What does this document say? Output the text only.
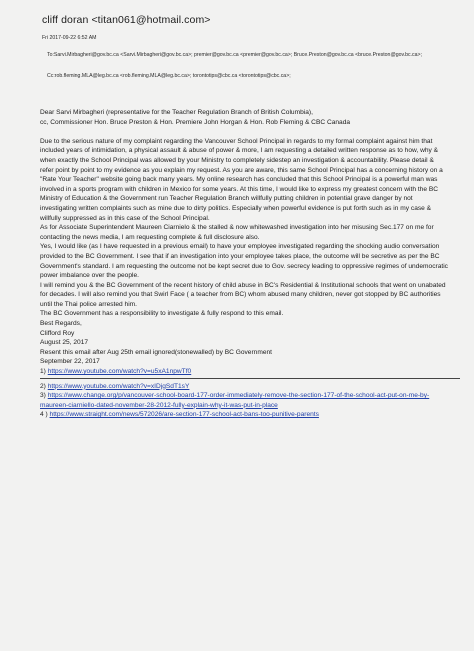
cliff doran <titan061@hotmail.com>
Fri 2017-09-22 6:52 AM
To:Sarvi.Mirbagheri@gov.bc.ca <Sarvi.Mirbagheri@gov.bc.ca>; premier@gov.bc.ca <premier@gov.bc.ca>; Bruce.Preston@gov.bc.ca <bruce.Preston@gov.bc.ca>;
Cc:rob.fleming.MLA@leg.bc.ca <rob.fleming.MLA@leg.bc.ca>; torontotips@cbc.ca <torontotips@cbc.ca>;

Dear Sarvi Mirbagheri (representative for the Teacher Regulation Branch of British Columbia),

cc, Commissioner Hon. Bruce Preston & Hon. Premiere John Horgan & Hon. Rob Fleming & CBC Canada

Due to the serious nature of my complaint regarding the Vancouver School Principal in regards to my formal complaint against him that included years of intimidation, a physical assault & abuse of power & more, I am requesting a detailed written response as to how, why & when exactly the School Principal was allowed by your Ministry to completely sidestep an investigation & accountability. Please detail & refer point by point to my evidence as you explain my request. As you are aware, this same School Principal has a concerning history on a "Rate Your Teacher" website going back many years. My online research has concluded that this School Principal is a powerful man was involved in a sports program with children in Mexico for some years. At this time, I would like to express my greatest concern with the BC Ministry of Education & the Government run Teacher Regulation Branch willfully putting children in potential grave danger by not investigating written complaints such as mine due to dirty politics. Especially when powerful evidence is put forth such as in my case & willfully suppressed as in this case of the School Principal.

As for Associate Superintendent Maureen Ciarnielo & the stalled & now whitewashed investigation into her misusing Sec.177 on me for contacting the news media, I am requesting complete & full disclosure also.

Yes, I would like (as I have requested in a previous email) to have your employee investigated regarding the shocking audio conversation provided to the BC Government. I see that if an investigation into your employee takes place, the outcome will be secretive as per the BC Government's standard. I am requesting the outcome not be kept secret due to Gov. secrecy leading to oppressive regimes of undemocratic power imbalance over the people.

I will remind you & the BC Government of the recent history of child abuse in BC's Residential & Institutional schools that went on unabated for decades. I will also remind you that Swirl Face ( a teacher from BC) whom abused many children, never got stopped by BC authorities until the Thai police arrested him.

The BC Government has a responsibility to investigate & fully respond to this email.

Best Regards,

Clifford Roy

August 25, 2017

Resent this email after Aug 25th email ignored(stonewalled) by BC Government

September 22, 2017

1) https://www.youtube.com/watch?v=u5xA1npwTf0

2) https://www.youtube.com/watch?v=xIDjgSdT1sY

3) https://www.change.org/p/vancouver-school-board-177-order-immediately-remove-the-section-177-of-the-school-act-put-on-me-by-maureen-ciarniello-dated-november-28-2012-fully-explain-why-it-was-put-in-place

4 ) https://www.straight.com/news/572026/are-section-177-school-act-bans-too-punitive-parents
